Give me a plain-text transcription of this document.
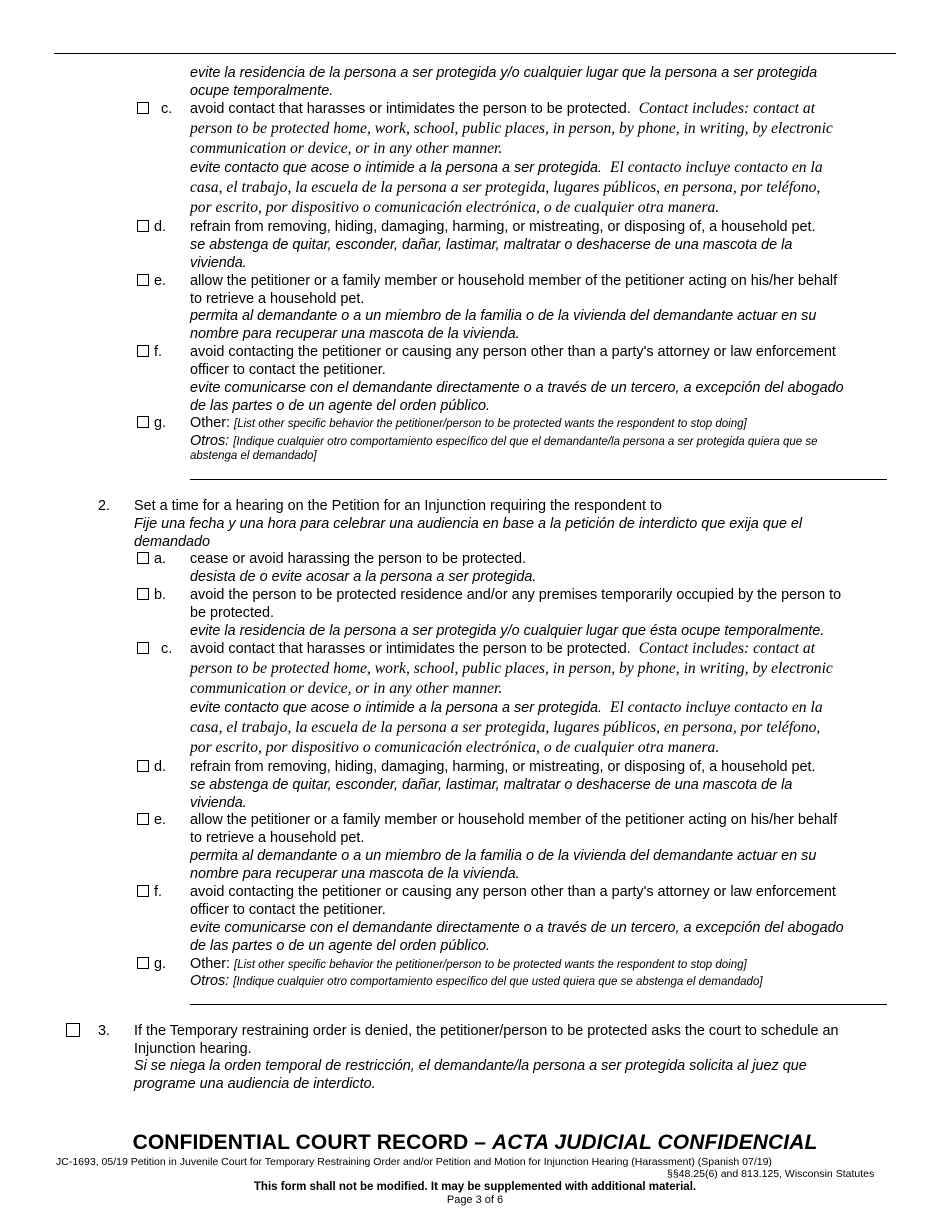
evite la residencia de la persona a ser protegida y/o cualquier lugar que la persona a ser protegida
ocupe temporalmente.
c. avoid contact that harasses or intimidates the person to be protected. Contact includes: contact at
person to be protected home, work, school, public places, in person, by phone, in writing, by electronic
communication or device, or in any other manner.
evite contacto que acose o intimide a la persona a ser protegida. El contacto incluye contacto en la
casa, el trabajo, la escuela de la persona a ser protegida, lugares públicos, en persona, por teléfono,
por escrito, por dispositivo o comunicación electrónica, o de cualquier otra manera.
d. refrain from removing, hiding, damaging, harming, or mistreating, or disposing of, a household pet.
se abstenga de quitar, esconder, dañar, lastimar, maltratar o deshacerse de una mascota de la
vivienda.
e. allow the petitioner or a family member or household member of the petitioner acting on his/her behalf
to retrieve a household pet.
permita al demandante o a un miembro de la familia o de la vivienda del demandante actuar en su
nombre para recuperar una mascota de la vivienda.
f. avoid contacting the petitioner or causing any person other than a party's attorney or law enforcement
officer to contact the petitioner.
evite comunicarse con el demandante directamente o a través de un tercero, a excepción del abogado
de las partes o de un agente del orden público.
g. Other: [List other specific behavior the petitioner/person to be protected wants the respondent to stop doing]
Otros: [Indique cualquier otro comportamiento específico del que el demandante/la persona a ser protegida quiera que se
abstenga el demandado]
2. Set a time for a hearing on the Petition for an Injunction requiring the respondent to
Fije una fecha y una hora para celebrar una audiencia en base a la petición de interdicto que exija que el
demandado
a. cease or avoid harassing the person to be protected.
desista de o evite acosar a la persona a ser protegida.
b. avoid the person to be protected residence and/or any premises temporarily occupied by the person to
be protected.
evite la residencia de la persona a ser protegida y/o cualquier lugar que ésta ocupe temporalmente.
c. avoid contact that harasses or intimidates the person to be protected. Contact includes: contact at
person to be protected home, work, school, public places, in person, by phone, in writing, by electronic
communication or device, or in any other manner.
evite contacto que acose o intimide a la persona a ser protegida. El contacto incluye contacto en la
casa, el trabajo, la escuela de la persona a ser protegida, lugares públicos, en persona, por teléfono,
por escrito, por dispositivo o comunicación electrónica, o de cualquier otra manera.
d. refrain from removing, hiding, damaging, harming, or mistreating, or disposing of, a household pet.
se abstenga de quitar, esconder, dañar, lastimar, maltratar o deshacerse de una mascota de la
vivienda.
e. allow the petitioner or a family member or household member of the petitioner acting on his/her behalf
to retrieve a household pet.
permita al demandante o a un miembro de la familia o de la vivienda del demandante actuar en su
nombre para recuperar una mascota de la vivienda.
f. avoid contacting the petitioner or causing any person other than a party's attorney or law enforcement
officer to contact the petitioner.
evite comunicarse con el demandante directamente o a través de un tercero, a excepción del abogado
de las partes o de un agente del orden público.
g. Other: [List other specific behavior the petitioner/person to be protected wants the respondent to stop doing]
Otros: [Indique cualquier otro comportamiento específico del que usted quiera que se abstenga el demandado]
3. If the Temporary restraining order is denied, the petitioner/person to be protected asks the court to schedule an
Injunction hearing.
Si se niega la orden temporal de restricción, el demandante/la persona a ser protegida solicita al juez que
programe una audiencia de interdicto.
CONFIDENTIAL COURT RECORD – ACTA JUDICIAL CONFIDENCIAL
JC-1693, 05/19 Petition in Juvenile Court for Temporary Restraining Order and/or Petition and Motion for Injunction Hearing (Harassment) (Spanish 07/19)
§§48.25(6) and 813.125, Wisconsin Statutes
This form shall not be modified. It may be supplemented with additional material.
Page 3 of 6
